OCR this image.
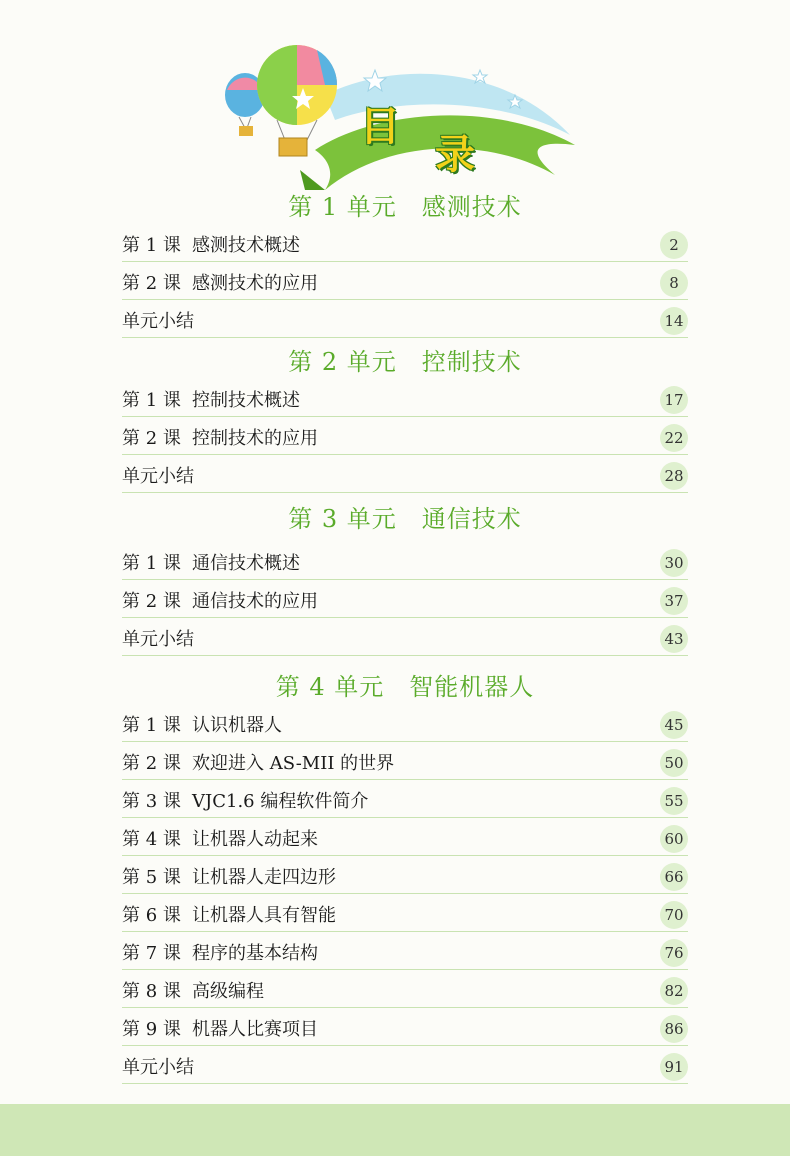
目
录
第 1 单元　感测技术
第 1 课 感测技术概述	2
第 2 课 感测技术的应用	8
单元小结	14
第 2 单元　控制技术
第 1 课 控制技术概述	17
第 2 课 控制技术的应用	22
单元小结	28
第 3 单元　通信技术
第 1 课 通信技术概述	30
第 2 课 通信技术的应用	37
单元小结	43
第 4 单元　智能机器人
第 1 课 认识机器人	45
第 2 课 欢迎进入 AS-MII 的世界	50
第 3 课 VJC1.6 编程软件简介	55
第 4 课 让机器人动起来	60
第 5 课 让机器人走四边形	66
第 6 课 让机器人具有智能	70
第 7 课 程序的基本结构	76
第 8 课 高级编程	82
第 9 课 机器人比赛项目	86
单元小结	91
